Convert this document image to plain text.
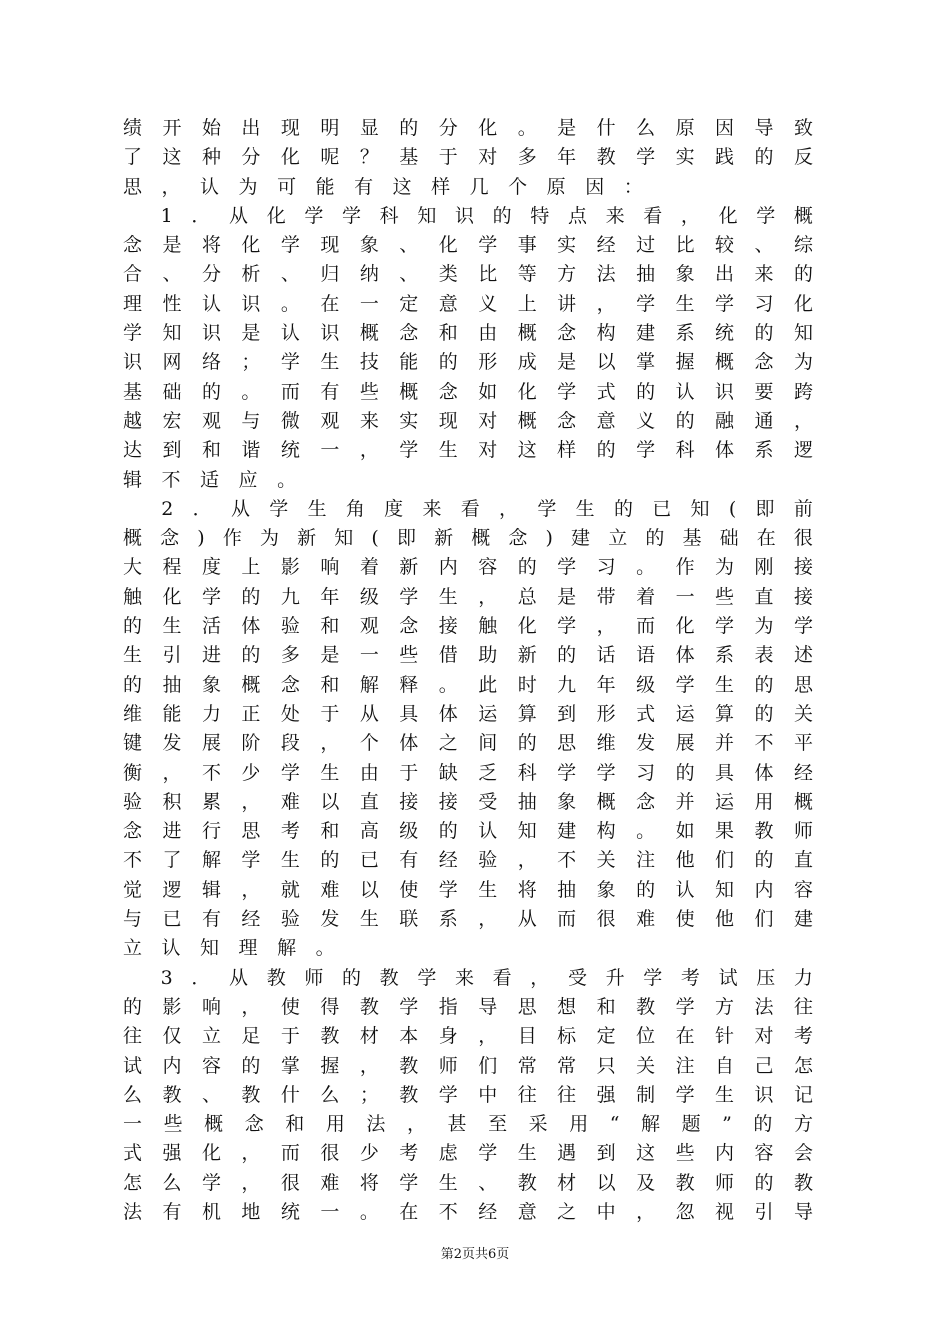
绩 开 始 出 现 明 显 的 分 化 。 是 什 么 原 因 导 致
了 这 种 分 化 呢 ？ 基 于 对 多 年 教 学 实 践 的 反
思 ， 认 为 可 能 有 这 样 几 个 原 因 ：

1 ． 从 化 学 学 科 知 识 的 特 点 来 看 ， 化 学 概
念 是 将 化 学 现 象 、 化 学 事 实 经 过 比 较 、 综
合 、 分 析 、 归 纳 、 类 比 等 方 法 抽 象 出 来 的
理 性 认 识 。 在 一 定 意 义 上 讲 ， 学 生 学 习 化
学 知 识 是 认 识 概 念 和 由 概 念 构 建 系 统 的 知
识 网 络 ； 学 生 技 能 的 形 成 是 以 掌 握 概 念 为
基 础 的 。 而 有 些 概 念 如 化 学 式 的 认 识 要 跨
越 宏 观 与 微 观 来 实 现 对 概 念 意 义 的 融 通 ，
达 到 和 谐 统 一 ， 学 生 对 这 样 的 学 科 体 系 逻
辑 不 适 应 。

2 ． 从 学 生 角 度 来 看 ， 学 生 的 已 知 ( 即 前
概 念 ) 作 为 新 知 ( 即 新 概 念 ) 建 立 的 基 础 在 很
大 程 度 上 影 响 着 新 内 容 的 学 习 。 作 为 刚 接
触 化 学 的 九 年 级 学 生 ， 总 是 带 着 一 些 直 接
的 生 活 体 验 和 观 念 接 触 化 学 ， 而 化 学 为 学
生 引 进 的 多 是 一 些 借 助 新 的 话 语 体 系 表 述
的 抽 象 概 念 和 解 释 。 此 时 九 年 级 学 生 的 思
维 能 力 正 处 于 从 具 体 运 算 到 形 式 运 算 的 关
键 发 展 阶 段 ， 个 体 之 间 的 思 维 发 展 并 不 平
衡 ， 不 少 学 生 由 于 缺 乏 科 学 学 习 的 具 体 经
验 积 累 ， 难 以 直 接 接 受 抽 象 概 念 并 运 用 概
念 进 行 思 考 和 高 级 的 认 知 建 构 。 如 果 教 师
不 了 解 学 生 的 已 有 经 验 ， 不 关 注 他 们 的 直
觉 逻 辑 ， 就 难 以 使 学 生 将 抽 象 的 认 知 内 容
与 已 有 经 验 发 生 联 系 ， 从 而 很 难 使 他 们 建
立 认 知 理 解 。

3 ． 从 教 师 的 教 学 来 看 ， 受 升 学 考 试 压 力
的 影 响 ， 使 得 教 学 指 导 思 想 和 教 学 方 法 往
往 仅 立 足 于 教 材 本 身 ， 目 标 定 位 在 针 对 考
试 内 容 的 掌 握 ， 教 师 们 常 常 只 关 注 自 己 怎
么 教 、 教 什 么 ； 教 学 中 往 往 强 制 学 生 识 记
一 些 概 念 和 用 法 ， 甚 至 采 用 “ 解 题 ” 的 方
式 强 化 ， 而 很 少 考 虑 学 生 遇 到 这 些 内 容 会
怎 么 学 ， 很 难 将 学 生 、 教 材 以 及 教 师 的 教
法 有 机 地 统 一 。 在 不 经 意 之 中 ， 忽 视 引 导
第2页共6页
